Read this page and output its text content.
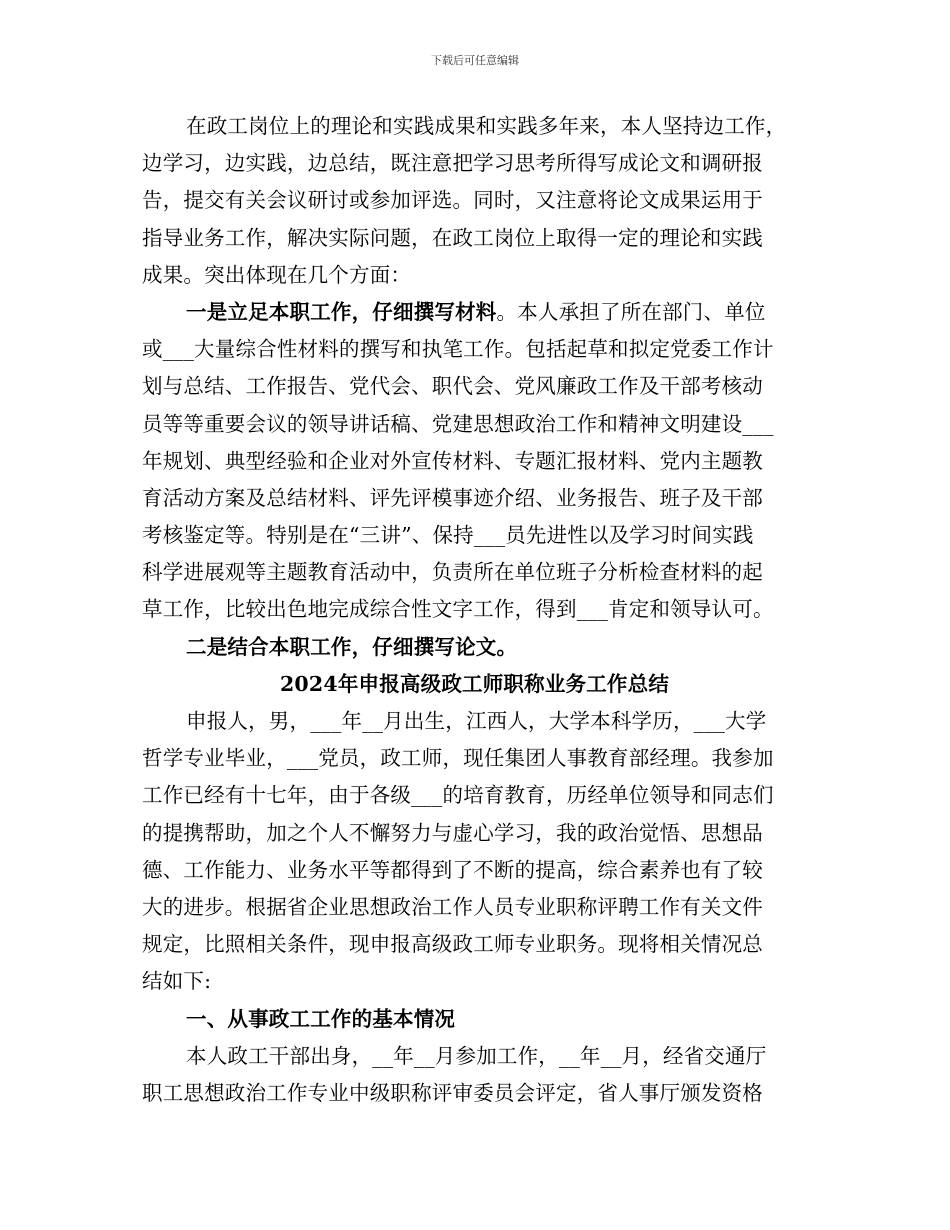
下载后可任意编辑
在政工岗位上的理论和实践成果和实践多年来，本人坚持边工作，
边学习，边实践，边总结，既注意把学习思考所得写成论文和调研报
告，提交有关会议研讨或参加评选。同时，又注意将论文成果运用于
指导业务工作，解决实际问题，在政工岗位上取得一定的理论和实践
成果。突出体现在几个方面：
一是立足本职工作，仔细撰写材料。本人承担了所在部门、单位
或___大量综合性材料的撰写和执笔工作。包括起草和拟定党委工作计
划与总结、工作报告、党代会、职代会、党风廉政工作及干部考核动
员等等重要会议的领导讲话稿、党建思想政治工作和精神文明建设___
年规划、典型经验和企业对外宣传材料、专题汇报材料、党内主题教
育活动方案及总结材料、评先评模事迹介绍、业务报告、班子及干部
考核鉴定等。特别是在“三讲”、保持___员先进性以及学习时间实践
科学进展观等主题教育活动中，负责所在单位班子分析检查材料的起
草工作，比较出色地完成综合性文字工作，得到___肯定和领导认可。
二是结合本职工作，仔细撰写论文。
2024年申报高级政工师职称业务工作总结
申报人，男，___年__月出生，江西人，大学本科学历，___大学
哲学专业毕业，___党员，政工师，现任集团人事教育部经理。我参加
工作已经有十七年，由于各级___的培育教育，历经单位领导和同志们
的提携帮助，加之个人不懈努力与虚心学习，我的政治觉悟、思想品
德、工作能力、业务水平等都得到了不断的提高，综合素养也有了较
大的进步。根据省企业思想政治工作人员专业职称评聘工作有关文件
规定，比照相关条件，现申报高级政工师专业职务。现将相关情况总
结如下:
一、从事政工工作的基本情况
本人政工干部出身，__年__月参加工作，__年__月，经省交通厅
职工思想政治工作专业中级职称评审委员会评定，省人事厅颁发资格
